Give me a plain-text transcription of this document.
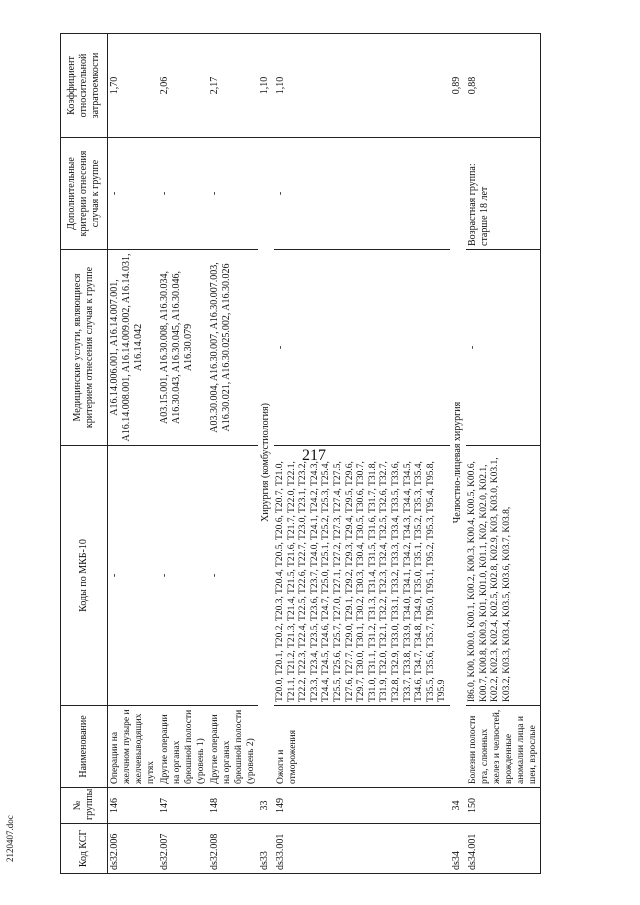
217
2120407.doc	Код КСГ	№ группы	Наименование	Коды по МКБ-10	Медицинские услуги, являющиеся критерием отнесения случая к группе	Дополнительные критерии отнесения случая к группе	Коэффициент относительной затратоемкости
ds32.006	146	Операции на желчном пузыре и желчевыводящих путях	-	A16.14.006.001, A16.14.007.001, A16.14.008.001, A16.14.009.002, A16.14.031, A16.14.042	-	1,70
ds32.007	147	Другие операции на органах брюшной полости (уровень 1)	-	A03.15.001, A16.30.008, A16.30.034, A16.30.043, A16.30.045, A16.30.046, A16.30.079	-	2,06
ds32.008	148	Другие операции на органах брюшной полости (уровень 2)	-	A03.30.004, A16.30.007, A16.30.007.003, A16.30.021, A16.30.025.002, A16.30.026	-	2,17
ds33	33	Хирургия (комбустиология)				1,10
ds33.001	149	Ожоги и отморожения	T20.0, T20.1, T20.2, T20.3, T20.4, T20.5, T20.6, T20.7, T21.0, T21.1, T21.2, T21.3, T21.4, T21.5, T21.6, T21.7, T22.0, T22.1, T22.2, T22.3, T22.4, T22.5, T22.6, T22.7, T23.0, T23.1, T23.2, T23.3, T23.4, T23.5, T23.6, T23.7, T24.0, T24.1, T24.2, T24.3, T24.4, T24.5, T24.6, T24.7, T25.0, T25.1, T25.2, T25.3, T25.4, T25.5, T25.6, T25.7, T27.0, T27.1, T27.2, T27.3, T27.4, T27.5, T27.6, T27.7, T29.0, T29.1, T29.2, T29.3, T29.4, T29.5, T29.6, T29.7, T30.0, T30.1, T30.2, T30.3, T30.4, T30.5, T30.6, T30.7, T31.0, T31.1, T31.2, T31.3, T31.4, T31.5, T31.6, T31.7, T31.8, T31.9, T32.0, T32.1, T32.2, T32.3, T32.4, T32.5, T32.6, T32.7, T32.8, T32.9, T33.0, T33.1, T33.2, T33.3, T33.4, T33.5, T33.6, T33.7, T33.8, T33.9, T34.0, T34.1, T34.2, T34.3, T34.4, T34.5, T34.6, T34.7, T34.8, T34.9, T35.0, T35.1, T35.2, T35.3, T35.4, T35.5, T35.6, T35.7, T95.0, T95.1, T95.2, T95.3, T95.4, T95.8, T95.9	-	-	1,10
ds34	34	Челюстно-лицевая хирургия				0,89
ds34.001	150	Болезни полости рта, слюнных желез и челюстей, врожденные аномалии лица и шеи, взрослые	I86.0, K00, K00.0, K00.1, K00.2, K00.3, K00.4, K00.5, K00.6, K00.7, K00.8, K00.9, K01, K01.0, K01.1, K02, K02.0, K02.1, K02.2, K02.3, K02.4, K02.5, K02.8, K02.9, K03, K03.0, K03.1, K03.2, K03.3, K03.4, K03.5, K03.6, K03.7, K03.8,	-	Возрастная группа: старше 18 лет	0,88
